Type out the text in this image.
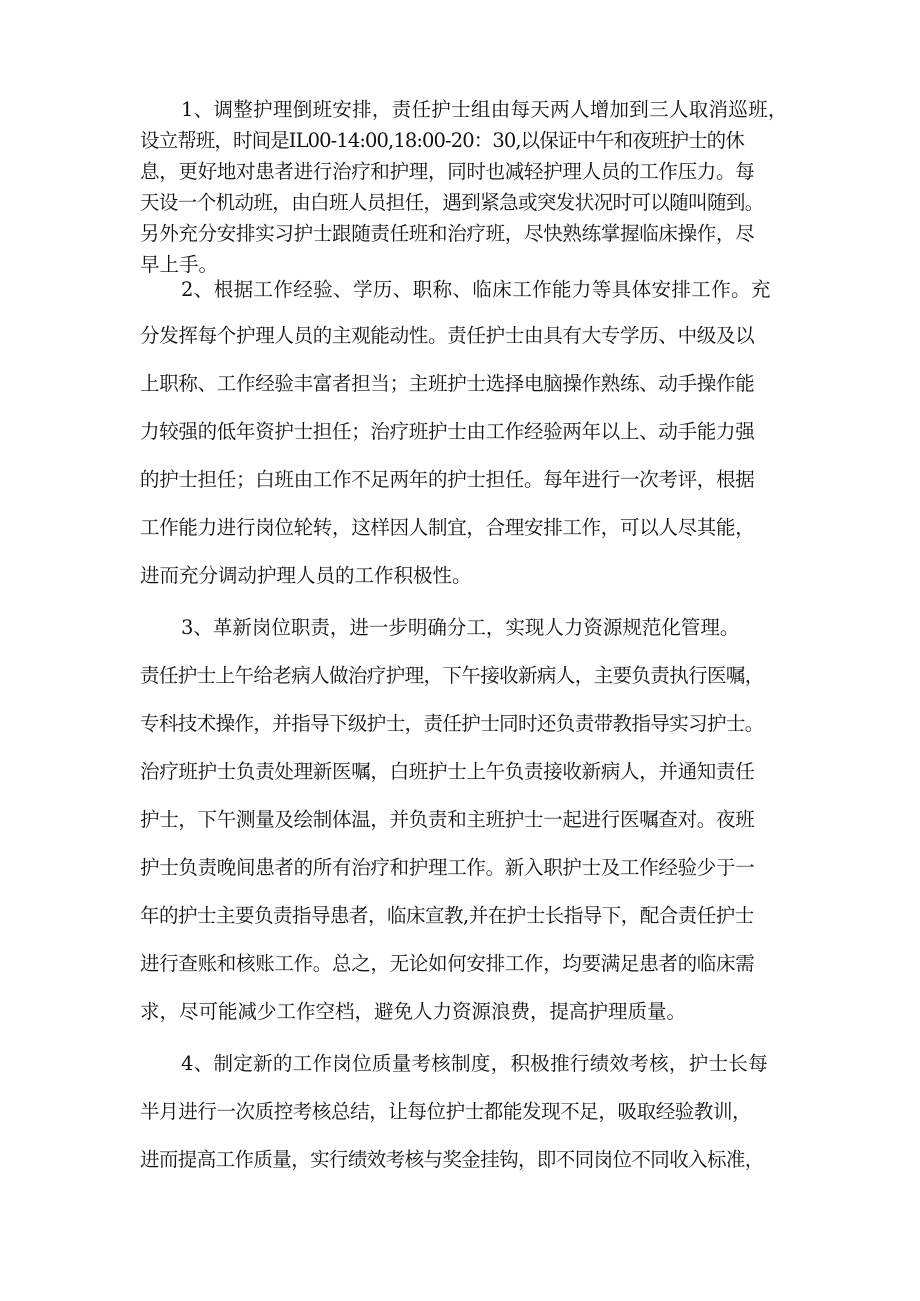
1、调整护理倒班安排，责任护士组由每天两人增加到三人取消巡班，
设立帮班，时间是IL00-14:00,18:00-20：30,以保证中午和夜班护士的休
息，更好地对患者进行治疗和护理，同时也减轻护理人员的工作压力。每
天设一个机动班，由白班人员担任，遇到紧急或突发状况时可以随叫随到。
另外充分安排实习护士跟随责任班和治疗班，尽快熟练掌握临床操作，尽
早上手。
2、根据工作经验、学历、职称、临床工作能力等具体安排工作。充
分发挥每个护理人员的主观能动性。责任护士由具有大专学历、中级及以
上职称、工作经验丰富者担当；主班护士选择电脑操作熟练、动手操作能
力较强的低年资护士担任；治疗班护士由工作经验两年以上、动手能力强
的护士担任；白班由工作不足两年的护士担任。每年进行一次考评，根据
工作能力进行岗位轮转，这样因人制宜，合理安排工作，可以人尽其能，
进而充分调动护理人员的工作积极性。
3、革新岗位职责，进一步明确分工，实现人力资源规范化管理。
责任护士上午给老病人做治疗护理，下午接收新病人，主要负责执行医嘱，
专科技术操作，并指导下级护士，责任护士同时还负责带教指导实习护士。
治疗班护士负责处理新医嘱，白班护士上午负责接收新病人，并通知责任
护士，下午测量及绘制体温，并负责和主班护士一起进行医嘱查对。夜班
护士负责晚间患者的所有治疗和护理工作。新入职护士及工作经验少于一
年的护士主要负责指导患者，临床宣教,并在护士长指导下，配合责任护士
进行查账和核账工作。总之，无论如何安排工作，均要满足患者的临床需
求，尽可能减少工作空档，避免人力资源浪费，提高护理质量。
4、制定新的工作岗位质量考核制度，积极推行绩效考核，护士长每
半月进行一次质控考核总结，让每位护士都能发现不足，吸取经验教训，
进而提高工作质量，实行绩效考核与奖金挂钩，即不同岗位不同收入标准，
